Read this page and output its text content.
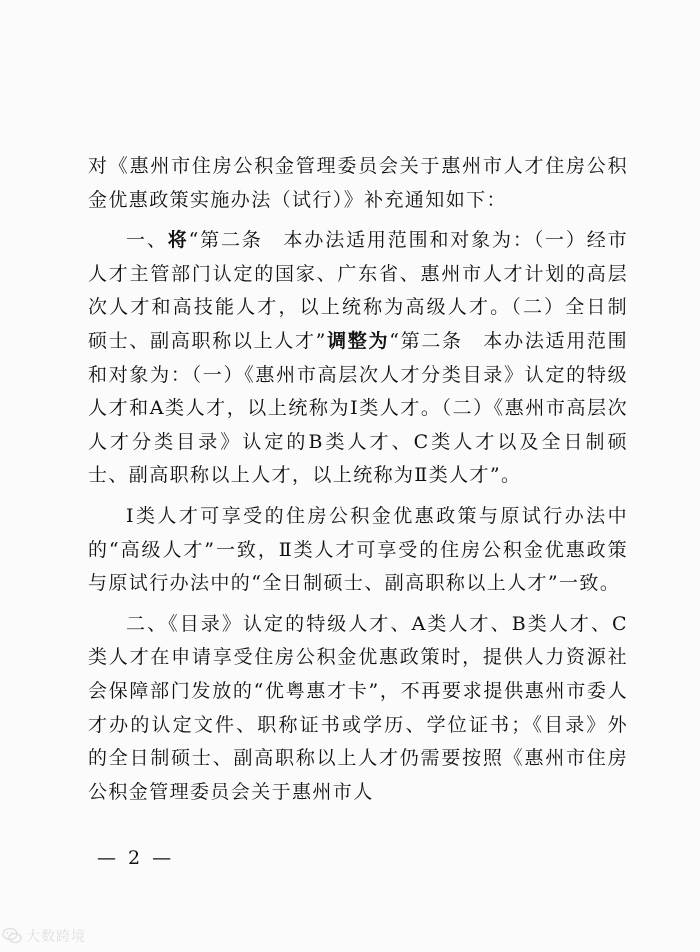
对《惠州市住房公积金管理委员会关于惠州市人才住房公积金优惠政策实施办法（试行）》补充通知如下：

一、将“第二条　本办法适用范围和对象为：（一）经市人才主管部门认定的国家、广东省、惠州市人才计划的高层次人才和高技能人才，以上统称为高级人才。（二）全日制硕士、副高职称以上人才”调整为“第二条　本办法适用范围和对象为：（一）《惠州市高层次人才分类目录》认定的特级人才和A类人才，以上统称为Ⅰ类人才。（二）《惠州市高层次人才分类目录》认定的B类人才、C类人才以及全日制硕士、副高职称以上人才，以上统称为Ⅱ类人才”。

Ⅰ类人才可享受的住房公积金优惠政策与原试行办法中的“高级人才”一致，Ⅱ类人才可享受的住房公积金优惠政策与原试行办法中的“全日制硕士、副高职称以上人才”一致。

二、《目录》认定的特级人才、A类人才、B类人才、C类人才在申请享受住房公积金优惠政策时，提供人力资源社会保障部门发放的“优粤惠才卡”，不再要求提供惠州市委人才办的认定文件、职称证书或学历、学位证书；《目录》外的全日制硕士、副高职称以上人才仍需要按照《惠州市住房公积金管理委员会关于惠州市人

— 2 —
大数跨境
